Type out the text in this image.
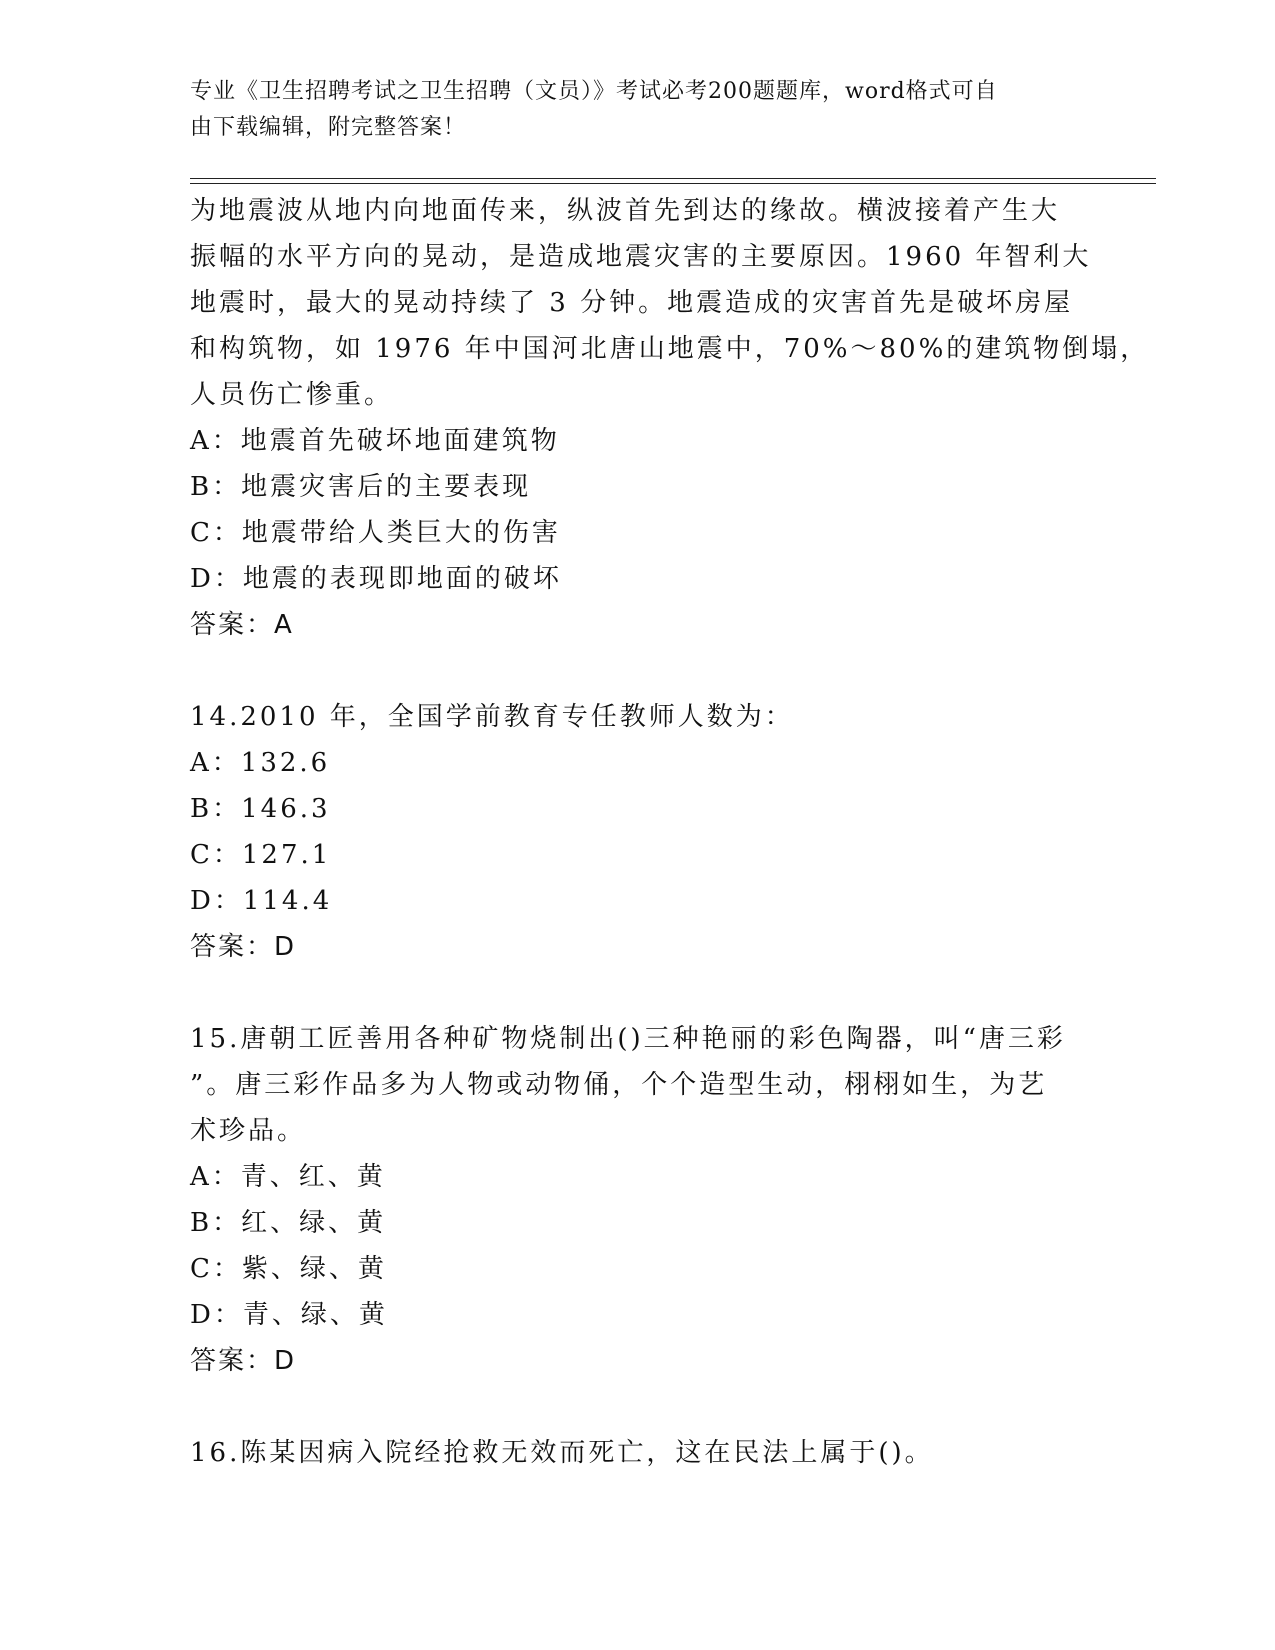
专业《卫生招聘考试之卫生招聘（文员）》考试必考200题题库，word格式可自
由下载编辑，附完整答案！
为地震波从地内向地面传来，纵波首先到达的缘故。横波接着产生大
振幅的水平方向的晃动，是造成地震灾害的主要原因。1960 年智利大
地震时，最大的晃动持续了 3 分钟。地震造成的灾害首先是破坏房屋
和构筑物，如 1976 年中国河北唐山地震中，70%～80%的建筑物倒塌，
人员伤亡惨重。
A：地震首先破坏地面建筑物
B：地震灾害后的主要表现
C：地震带给人类巨大的伤害
D：地震的表现即地面的破坏
答案：A
14.2010 年，全国学前教育专任教师人数为：
A：132.6
B：146.3
C：127.1
D：114.4
答案：D
15.唐朝工匠善用各种矿物烧制出()三种艳丽的彩色陶器，叫“唐三彩
”。唐三彩作品多为人物或动物俑，个个造型生动，栩栩如生，为艺
术珍品。
A：青、红、黄
B：红、绿、黄
C：紫、绿、黄
D：青、绿、黄
答案：D
16.陈某因病入院经抢救无效而死亡，这在民法上属于()。
